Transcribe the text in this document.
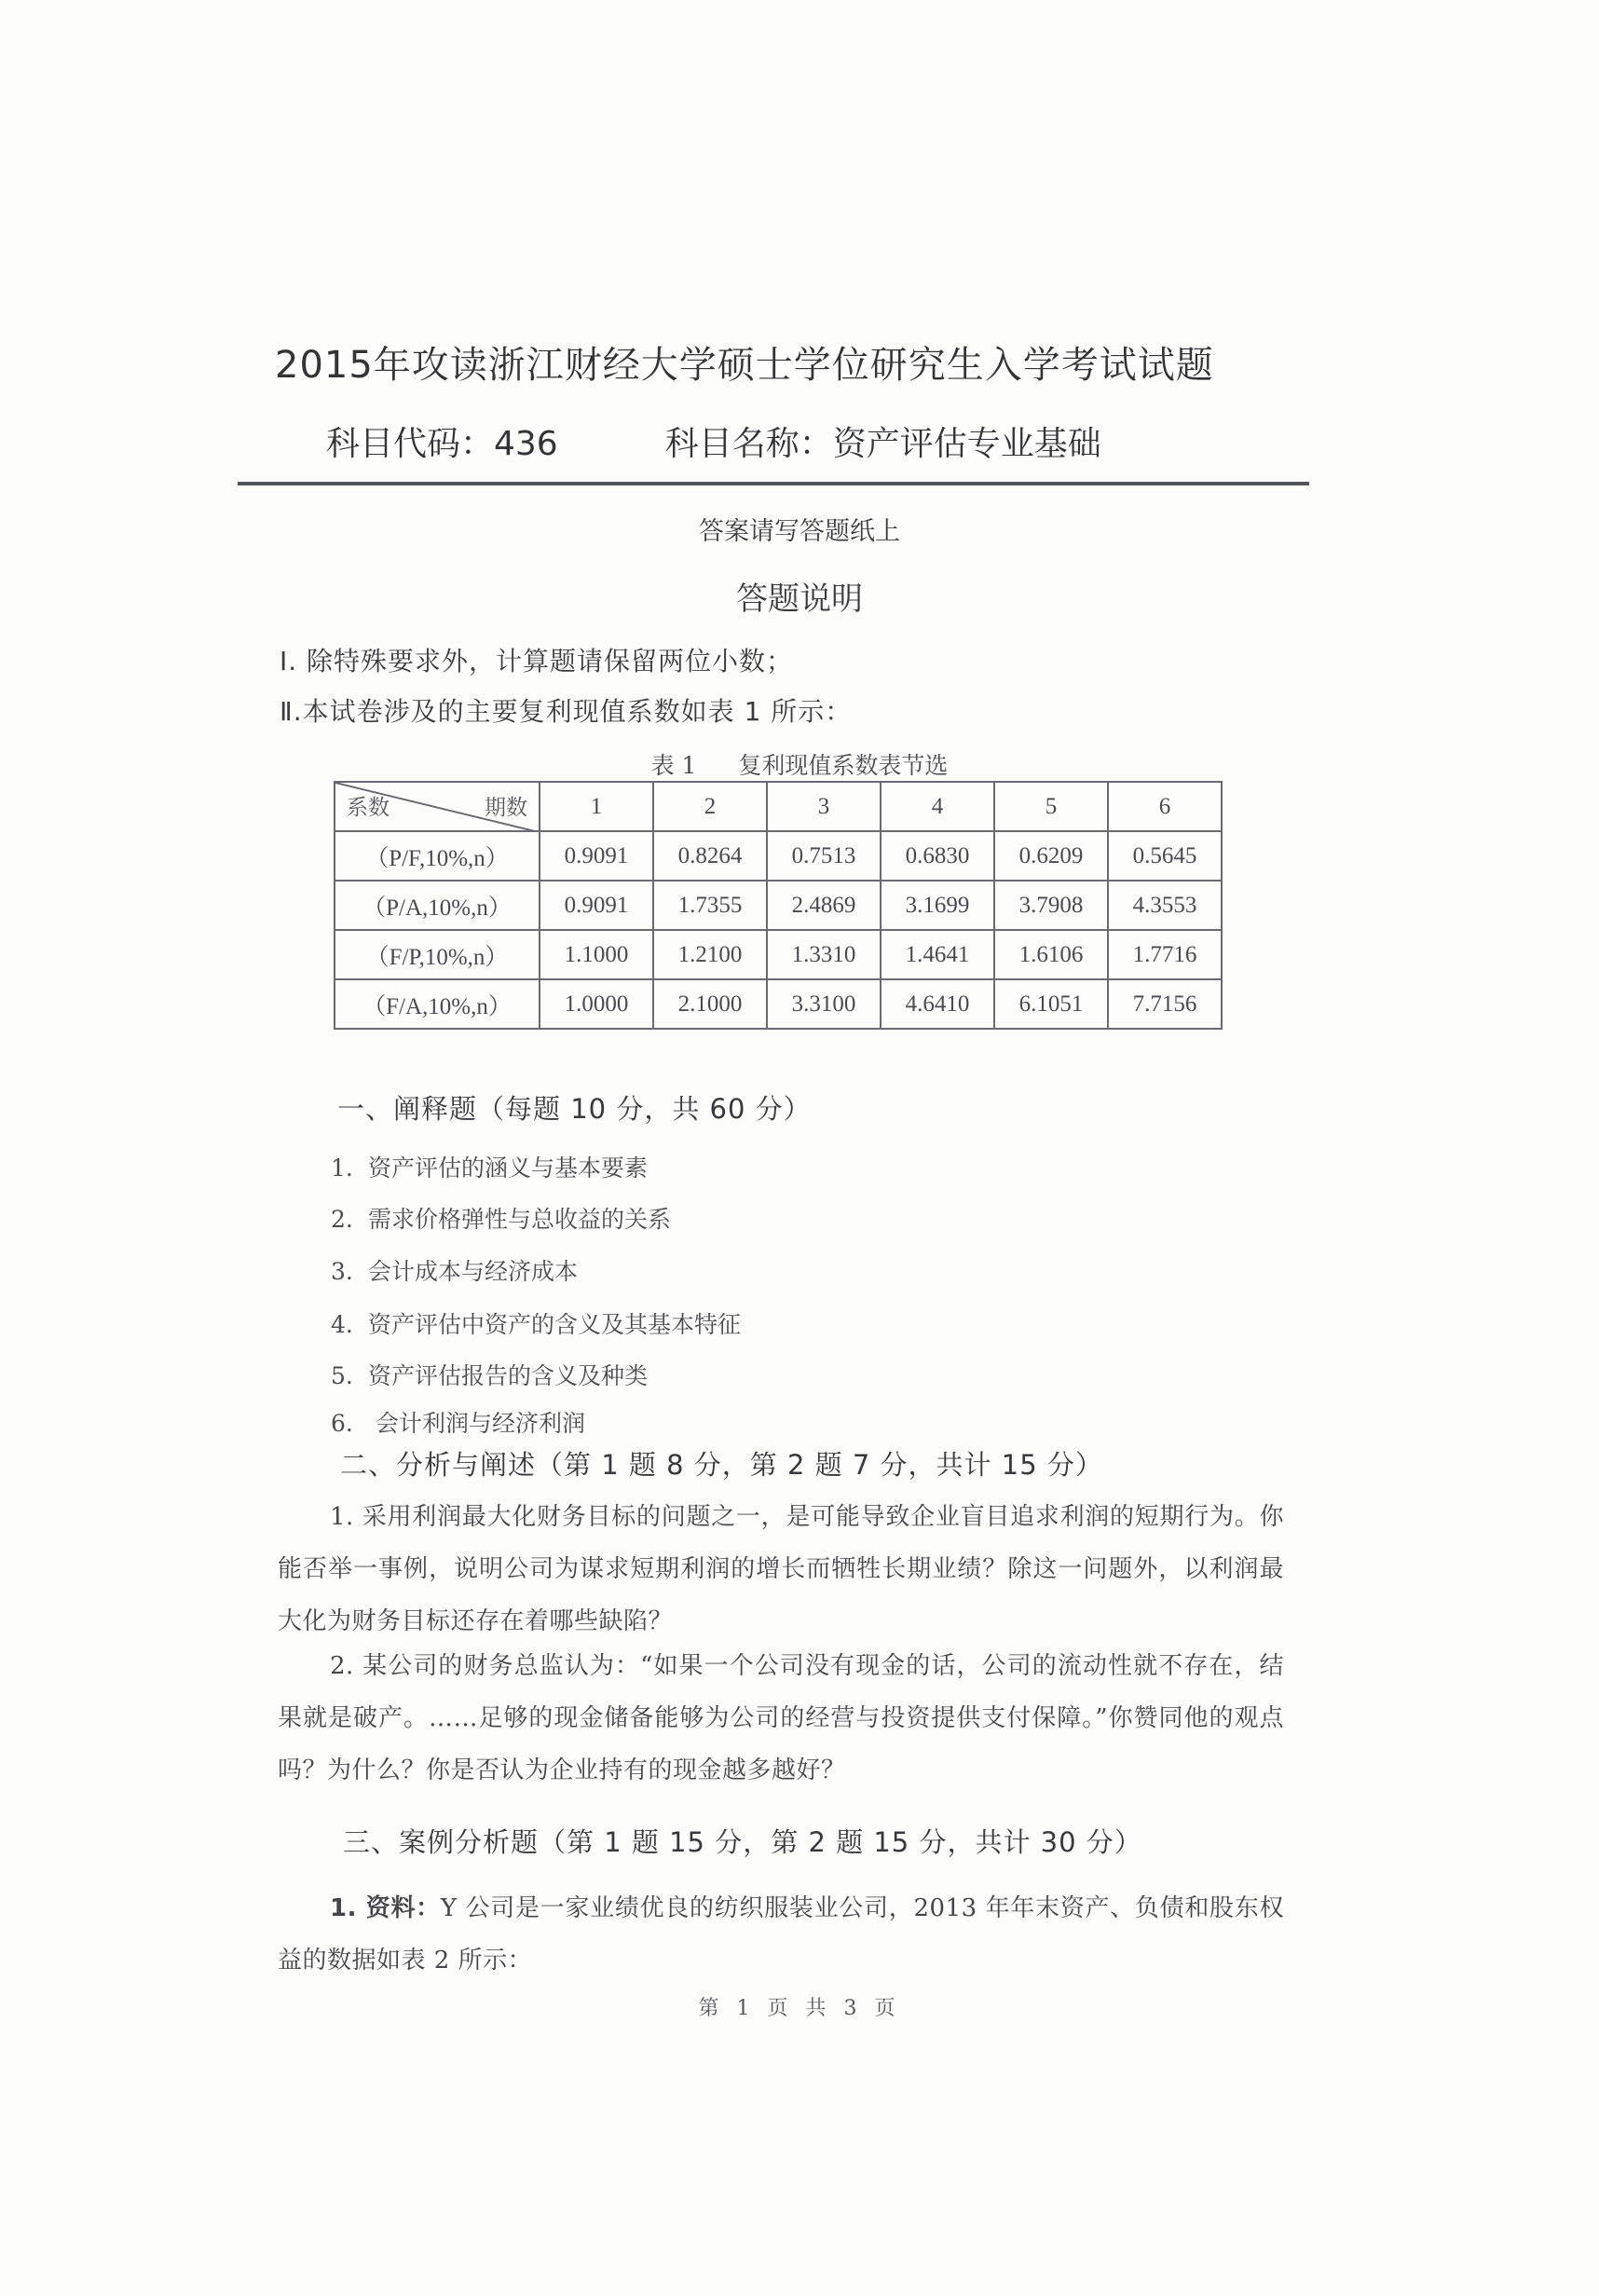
2015年攻读浙江财经大学硕士学位研究生入学考试试题
科目代码：436	科目名称：资产评估专业基础
答案请写答题纸上
答题说明
Ⅰ. 除特殊要求外，计算题请保留两位小数；
Ⅱ.本试卷涉及的主要复利现值系数如表 1 所示：
表 1 复利现值系数表节选
系数 期数	1	2	3	4	5	6
（P/F,10%,n）	0.9091	0.8264	0.7513	0.6830	0.6209	0.5645
（P/A,10%,n）	0.9091	1.7355	2.4869	3.1699	3.7908	4.3553
（F/P,10%,n）	1.1000	1.2100	1.3310	1.4641	1.6106	1.7716
（F/A,10%,n）	1.0000	2.1000	3.3100	4.6410	6.1051	7.7156
一、阐释题（每题 10 分，共 60 分）
1. 资产评估的涵义与基本要素
2. 需求价格弹性与总收益的关系
3. 会计成本与经济成本
4. 资产评估中资产的含义及其基本特征
5. 资产评估报告的含义及种类
6. 会计利润与经济利润
二、分析与阐述（第 1 题 8 分，第 2 题 7 分，共计 15 分）
1. 采用利润最大化财务目标的问题之一，是可能导致企业盲目追求利润的短期行为。你能否举一事例，说明公司为谋求短期利润的增长而牺牲长期业绩？除这一问题外，以利润最大化为财务目标还存在着哪些缺陷？
2. 某公司的财务总监认为：“如果一个公司没有现金的话，公司的流动性就不存在，结果就是破产。……足够的现金储备能够为公司的经营与投资提供支付保障。”你赞同他的观点吗？为什么？你是否认为企业持有的现金越多越好？
三、案例分析题（第 1 题 15 分，第 2 题 15 分，共计 30 分）
1. 资料：Y 公司是一家业绩优良的纺织服装业公司，2013 年年末资产、负债和股东权益的数据如表 2 所示：
第 1 页 共 3 页
